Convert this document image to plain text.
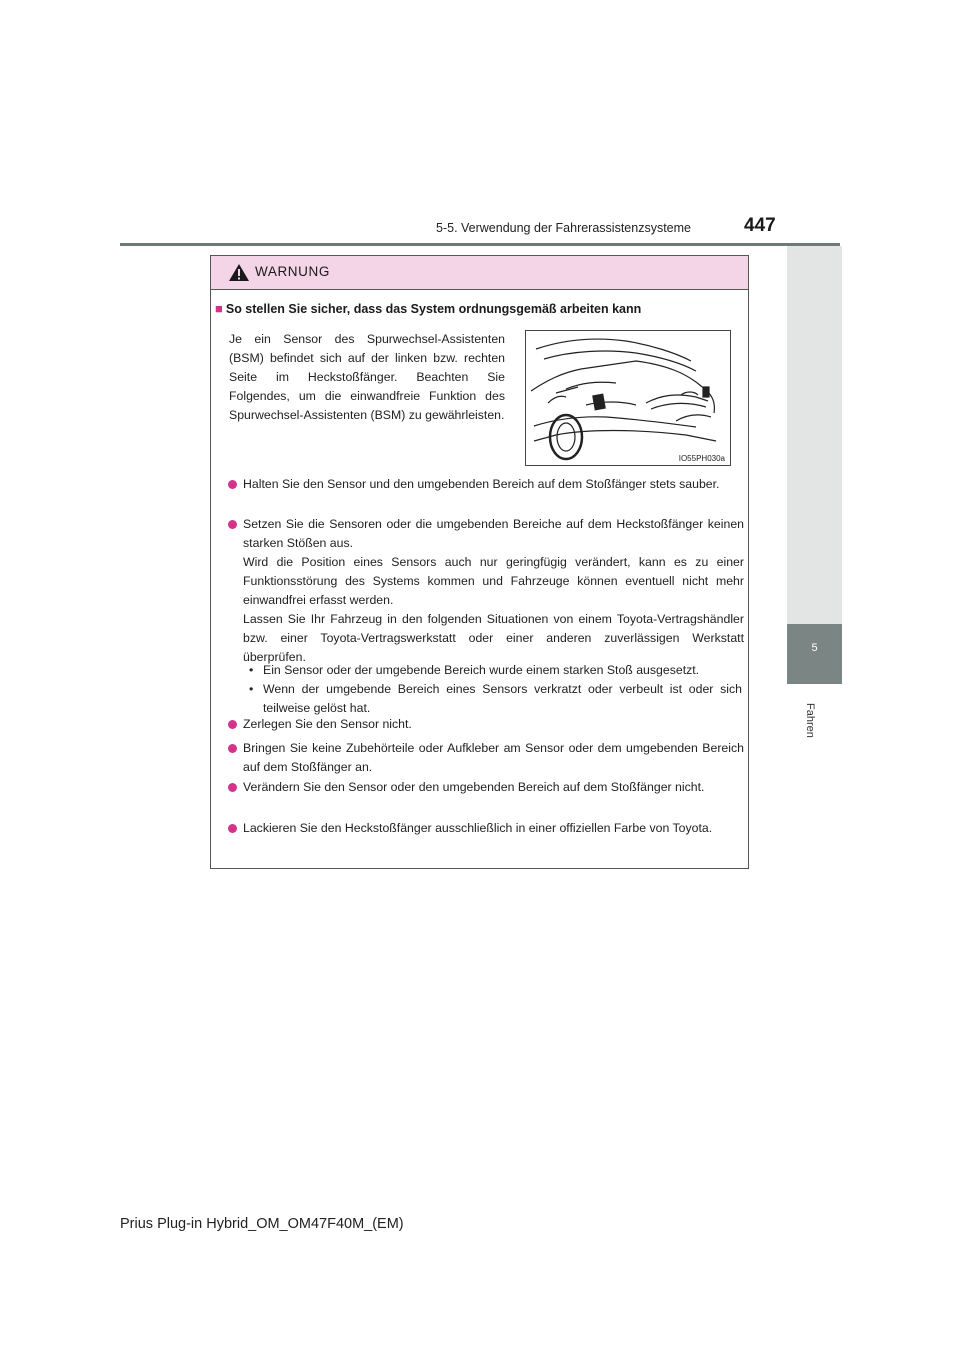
5-5. Verwendung der Fahrerassistenzsysteme	447
5
Fahren
WARNUNG
■ So stellen Sie sicher, dass das System ordnungsgemäß arbeiten kann
Je ein Sensor des Spurwechsel-Assistenten (BSM) befindet sich auf der linken bzw. rechten Seite im Heckstoßfänger. Beachten Sie Folgendes, um die einwandfreie Funktion des Spurwechsel-Assistenten (BSM) zu gewährleisten.
IO55PH030a
Halten Sie den Sensor und den umgebenden Bereich auf dem Stoßfänger stets sauber.
Setzen Sie die Sensoren oder die umgebenden Bereiche auf dem Heckstoßfänger keinen starken Stößen aus.
Wird die Position eines Sensors auch nur geringfügig verändert, kann es zu einer Funktionsstörung des Systems kommen und Fahrzeuge können eventuell nicht mehr einwandfrei erfasst werden.
Lassen Sie Ihr Fahrzeug in den folgenden Situationen von einem Toyota-Vertragshändler bzw. einer Toyota-Vertragswerkstatt oder einer anderen zuverlässigen Werkstatt überprüfen.
• Ein Sensor oder der umgebende Bereich wurde einem starken Stoß ausgesetzt.
• Wenn der umgebende Bereich eines Sensors verkratzt oder verbeult ist oder sich teilweise gelöst hat.
Zerlegen Sie den Sensor nicht.
Bringen Sie keine Zubehörteile oder Aufkleber am Sensor oder dem umgebenden Bereich auf dem Stoßfänger an.
Verändern Sie den Sensor oder den umgebenden Bereich auf dem Stoßfänger nicht.
Lackieren Sie den Heckstoßfänger ausschließlich in einer offiziellen Farbe von Toyota.
Prius Plug-in Hybrid_OM_OM47F40M_(EM)
